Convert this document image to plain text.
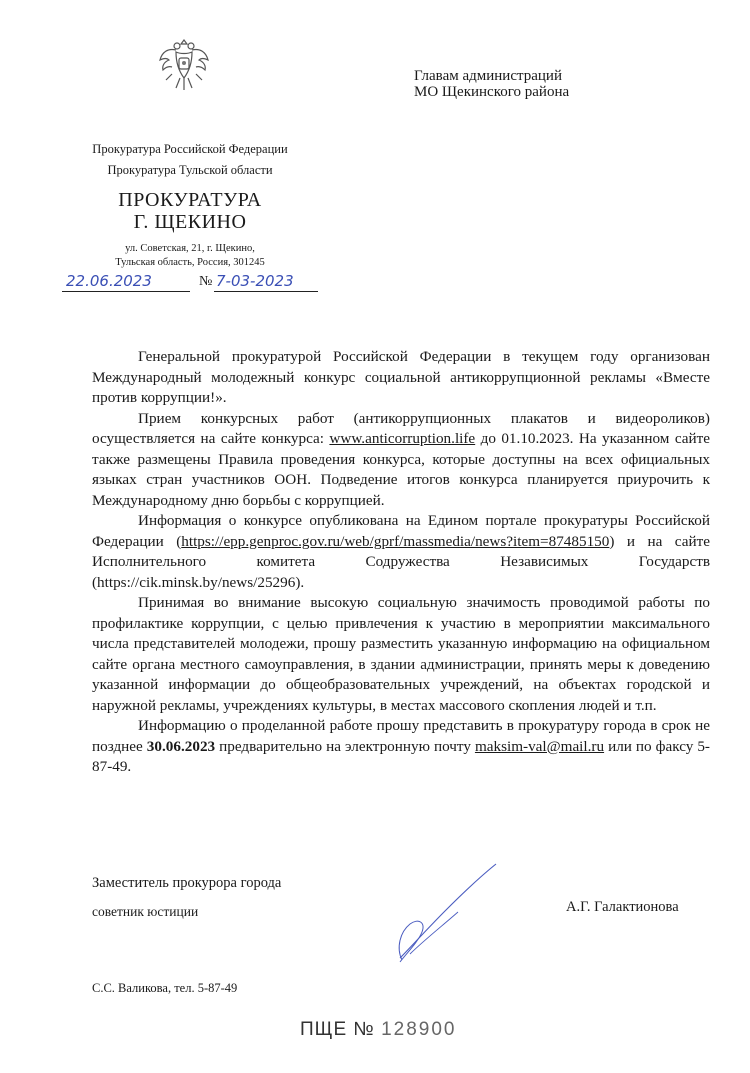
Прокуратура Российской Федерации
Прокуратура Тульской области
ПРОКУРАТУРА
Г. ЩЕКИНО
ул. Советская, 21, г. Щекино,
Тульская область, Россия, 301245
22.06.2023	№ 7-03-2023
Главам администраций
МО Щекинского района

Генеральной прокуратурой Российской Федерации в текущем году организован Международный молодежный конкурс социальной антикоррупционной рекламы «Вместе против коррупции!».

Прием конкурсных работ (антикоррупционных плакатов и видеороликов) осуществляется на сайте конкурса: www.anticorruption.life до 01.10.2023. На указанном сайте также размещены Правила проведения конкурса, которые доступны на всех официальных языках стран участников ООН. Подведение итогов конкурса планируется приурочить к Международному дню борьбы с коррупцией.

Информация о конкурсе опубликована на Едином портале прокуратуры Российской Федерации (https://epp.genproc.gov.ru/web/gprf/massmedia/news?item=87485150) и на сайте Исполнительного комитета Содружества Независимых Государств (https://cik.minsk.by/news/25296).

Принимая во внимание высокую социальную значимость проводимой работы по профилактике коррупции, с целью привлечения к участию в мероприятии максимального числа представителей молодежи, прошу разместить указанную информацию на официальном сайте органа местного самоуправления, в здании администрации, принять меры к доведению указанной информации до общеобразовательных учреждений, на объектах городской и наружной рекламы, учреждениях культуры, в местах массового скопления людей и т.п.

Информацию о проделанной работе прошу представить в прокуратуру города в срок не позднее 30.06.2023 предварительно на электронную почту maksim-val@mail.ru или по факсу 5-87-49.

Заместитель прокурора города
советник юстиции	А.Г. Галактионова
С.С. Валикова, тел. 5-87-49
ПЩЕ № 128900
